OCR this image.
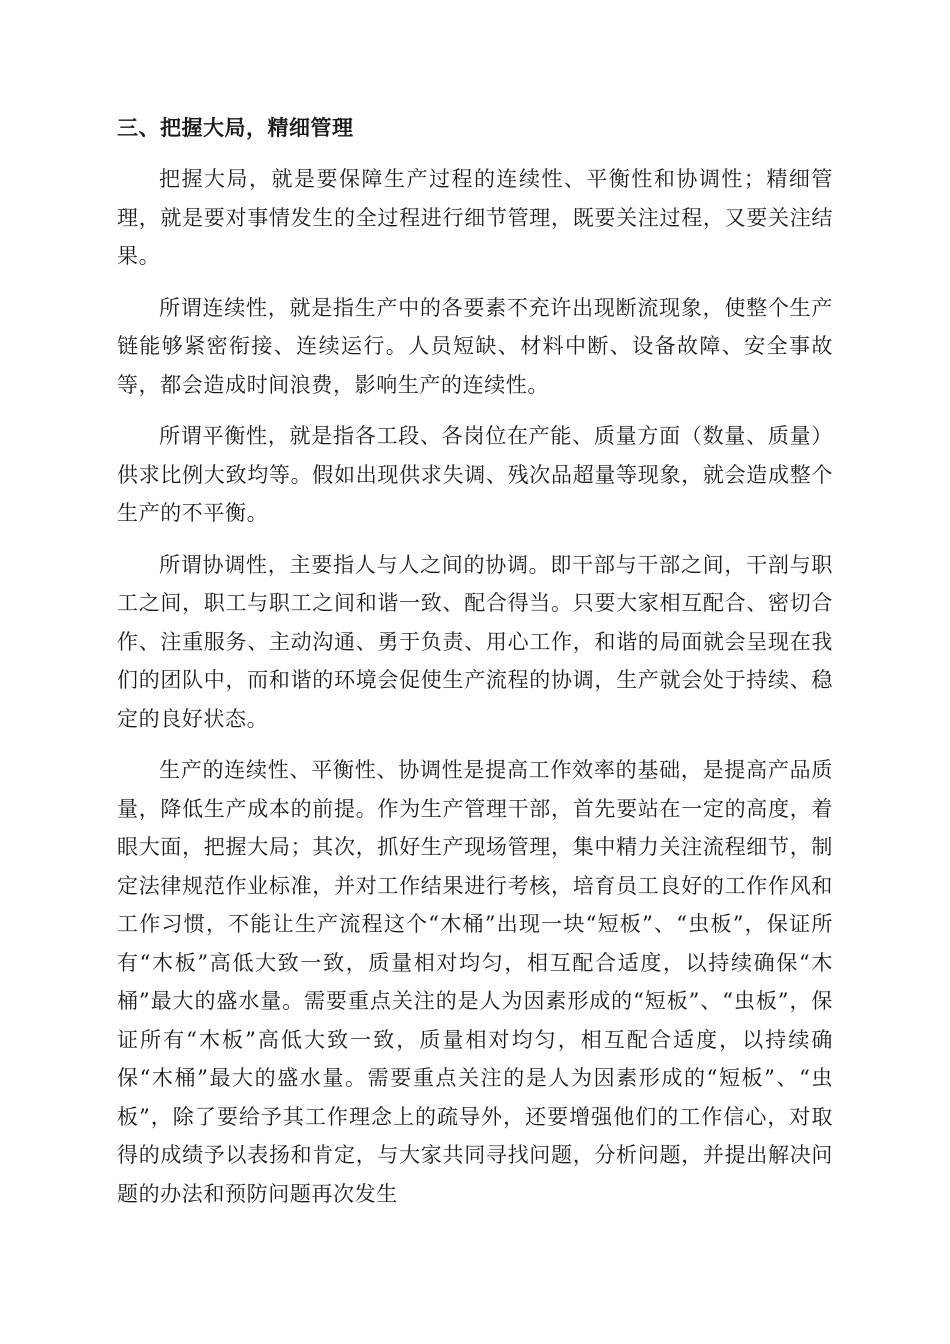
三、把握大局，精细管理

把握大局，就是要保障生产过程的连续性、平衡性和协调性；精细管理，就是要对事情发生的全过程进行细节管理，既要关注过程，又要关注结果。

所谓连续性，就是指生产中的各要素不充许出现断流现象，使整个生产链能够紧密衔接、连续运行。人员短缺、材料中断、设备故障、安全事故等，都会造成时间浪费，影响生产的连续性。

所谓平衡性，就是指各工段、各岗位在产能、质量方面（数量、质量）供求比例大致均等。假如出现供求失调、残次品超量等现象，就会造成整个生产的不平衡。

所谓协调性，主要指人与人之间的协调。即干部与干部之间，干剖与职工之间，职工与职工之间和谐一致、配合得当。只要大家相互配合、密切合作、注重服务、主动沟通、勇于负责、用心工作，和谐的局面就会呈现在我们的团队中，而和谐的环境会促使生产流程的协调，生产就会处于持续、稳定的良好状态。

生产的连续性、平衡性、协调性是提高工作效率的基础，是提高产品质量，降低生产成本的前提。作为生产管理干部，首先要站在一定的高度，着眼大面，把握大局；其次，抓好生产现场管理，集中精力关注流程细节，制定法律规范作业标准，并对工作结果进行考核，培育员工良好的工作作风和工作习惯，不能让生产流程这个“木桶”出现一块“短板”、“虫板”，保证所有“木板”高低大致一致，质量相对均匀，相互配合适度，以持续确保“木桶”最大的盛水量。需要重点关注的是人为因素形成的“短板”、“虫板”，保证所有“木板”高低大致一致，质量相对均匀，相互配合适度，以持续确保“木桶”最大的盛水量。需要重点关注的是人为因素形成的“短板”、“虫板”，除了要给予其工作理念上的疏导外，还要增强他们的工作信心，对取得的成绩予以表扬和肯定，与大家共同寻找问题，分析问题，并提出解决问题的办法和预防问题再次发生
